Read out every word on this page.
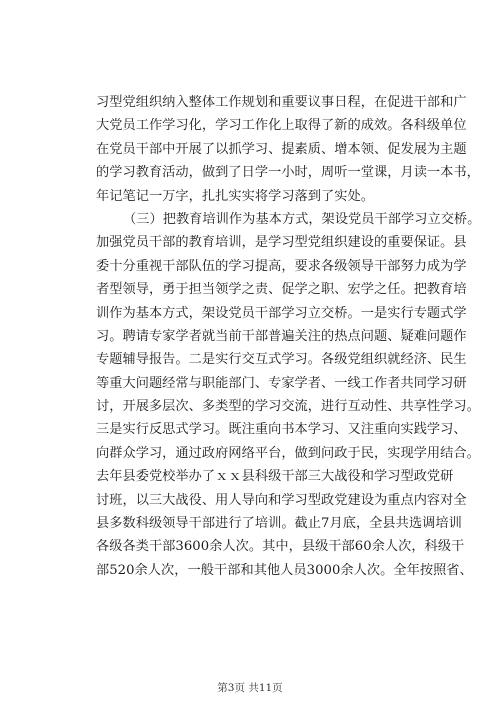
习型党组织纳入整体工作规划和重要议事日程，在促进干部和广
大党员工作学习化，学习工作化上取得了新的成效。各科级单位
在党员干部中开展了以抓学习、提素质、增本领、促发展为主题
的学习教育活动，做到了日学一小时，周听一堂课，月读一本书，
年记笔记一万字，扎扎实实将学习落到了实处。
（三）把教育培训作为基本方式，架设党员干部学习立交桥。
加强党员干部的教育培训，是学习型党组织建设的重要保证。县
委十分重视干部队伍的学习提高，要求各级领导干部努力成为学
者型领导，勇于担当领学之责、促学之职、宏学之任。把教育培
训作为基本方式，架设党员干部学习立交桥。一是实行专题式学
习。聘请专家学者就当前干部普遍关注的热点问题、疑难问题作
专题辅导报告。二是实行交互式学习。各级党组织就经济、民生
等重大问题经常与职能部门、专家学者、一线工作者共同学习研
讨，开展多层次、多类型的学习交流，进行互动性、共享性学习。
三是实行反思式学习。既注重向书本学习、又注重向实践学习、
向群众学习，通过政府网络平台，做到问政于民，实现学用结合。
去年县委党校举办了ｘｘ县科级干部三大战役和学习型政党研
讨班，以三大战役、用人导向和学习型政党建设为重点内容对全
县多数科级领导干部进行了培训。截止7月底，全县共选调培训
各级各类干部3600余人次。其中，县级干部60余人次，科级干
部520余人次，一般干部和其他人员3000余人次。全年按照省、
第3页 共11页
